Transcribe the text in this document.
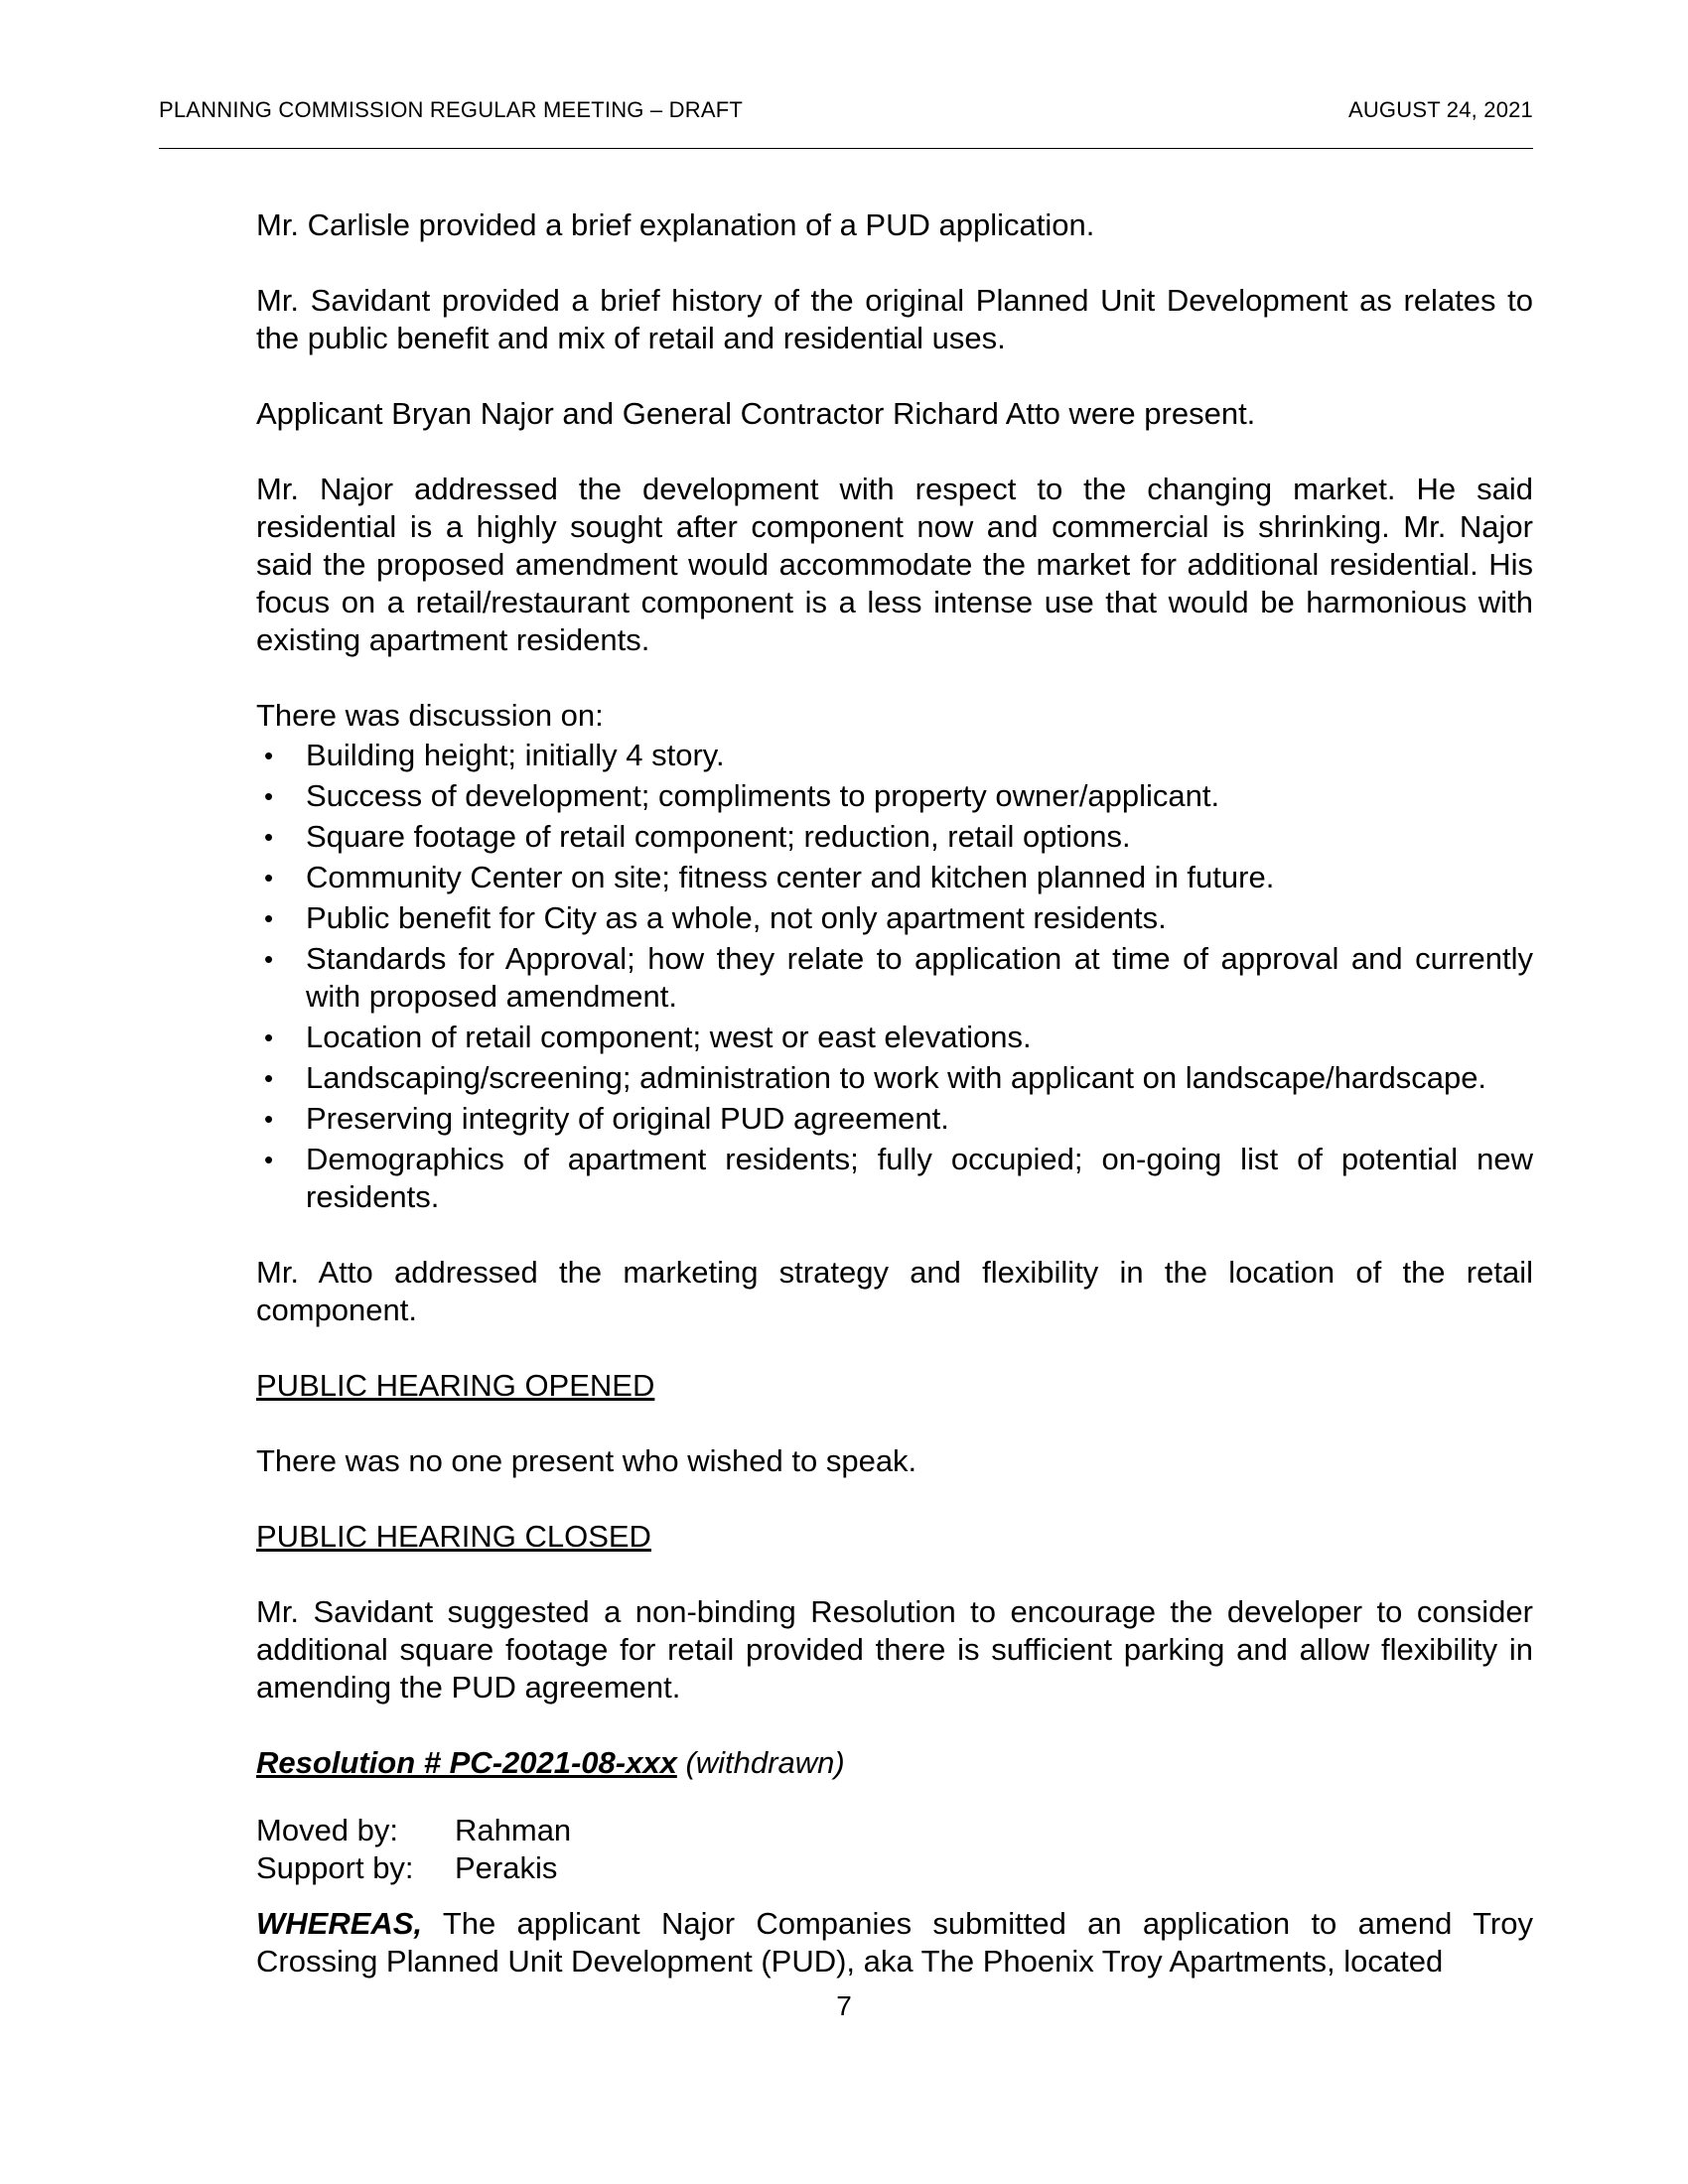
PLANNING COMMISSION REGULAR MEETING – DRAFT	AUGUST 24, 2021

Mr. Carlisle provided a brief explanation of a PUD application.

Mr. Savidant provided a brief history of the original Planned Unit Development as relates to the public benefit and mix of retail and residential uses.

Applicant Bryan Najor and General Contractor Richard Atto were present.

Mr. Najor addressed the development with respect to the changing market. He said residential is a highly sought after component now and commercial is shrinking. Mr. Najor said the proposed amendment would accommodate the market for additional residential. His focus on a retail/restaurant component is a less intense use that would be harmonious with existing apartment residents.

There was discussion on:

• Building height; initially 4 story.
• Success of development; compliments to property owner/applicant.
• Square footage of retail component; reduction, retail options.
• Community Center on site; fitness center and kitchen planned in future.
• Public benefit for City as a whole, not only apartment residents.
• Standards for Approval; how they relate to application at time of approval and currently with proposed amendment.
• Location of retail component; west or east elevations.
• Landscaping/screening; administration to work with applicant on landscape/hardscape.
• Preserving integrity of original PUD agreement.
• Demographics of apartment residents; fully occupied; on-going list of potential new residents.

Mr. Atto addressed the marketing strategy and flexibility in the location of the retail component.

PUBLIC HEARING OPENED

There was no one present who wished to speak.

PUBLIC HEARING CLOSED

Mr. Savidant suggested a non-binding Resolution to encourage the developer to consider additional square footage for retail provided there is sufficient parking and allow flexibility in amending the PUD agreement.

Resolution # PC-2021-08-xxx (withdrawn)
Moved by:	Rahman
Support by:	Perakis

WHEREAS, The applicant Najor Companies submitted an application to amend Troy Crossing Planned Unit Development (PUD), aka The Phoenix Troy Apartments, located

7
